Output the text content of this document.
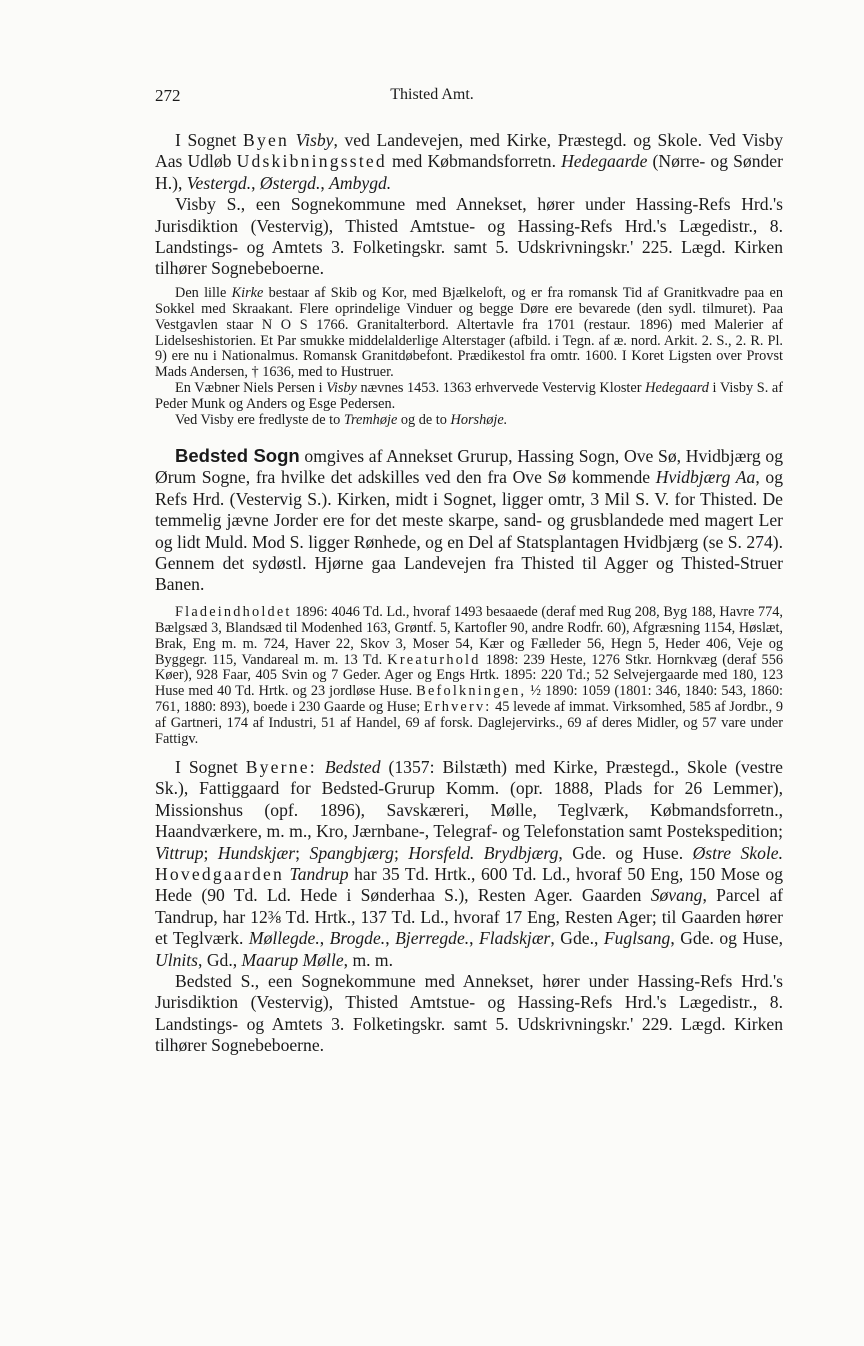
272	Thisted Amt.

I Sognet Byen Visby, ved Landevejen, med Kirke, Præstegd. og Skole. Ved Visby Aas Udløb Udskibningssted med Købmandsforretn. Hedegaarde (Nørre- og Sønder H.), Vestergd., Østergd., Ambygd.

Visby S., een Sognekommune med Annekset, hører under Hassing-Refs Hrd.'s Jurisdiktion (Vestervig), Thisted Amtstue- og Hassing-Refs Hrd.'s Lægedistr., 8. Landstings- og Amtets 3. Folketingskr. samt 5. Udskrivningskr.' 225. Lægd. Kirken tilhører Sognebeboerne.

Den lille Kirke bestaar af Skib og Kor, med Bjælkeloft, og er fra romansk Tid af Granitkvadre paa en Sokkel med Skraakant. Flere oprindelige Vinduer og begge Døre ere bevarede (den sydl. tilmuret). Paa Vestgavlen staar N O S 1766. Granitalterbord. Altertavle fra 1701 (restaur. 1896) med Malerier af Lidelseshistorien. Et Par smukke middelalderlige Alterstager (afbild. i Tegn. af æ. nord. Arkit. 2. S., 2. R. Pl. 9) ere nu i Nationalmus. Romansk Granitdøbefont. Prædikestol fra omtr. 1600. I Koret Ligsten over Provst Mads Andersen, † 1636, med to Hustruer.

En Væbner Niels Persen i Visby nævnes 1453. 1363 erhvervede Vestervig Kloster Hedegaard i Visby S. af Peder Munk og Anders og Esge Pedersen.

Ved Visby ere fredlyste de to Tremhøje og de to Horshøje.

Bedsted Sogn omgives af Annekset Grurup, Hassing Sogn, Ove Sø, Hvidbjærg og Ørum Sogne, fra hvilke det adskilles ved den fra Ove Sø kommende Hvidbjærg Aa, og Refs Hrd. (Vestervig S.). Kirken, midt i Sognet, ligger omtr, 3 Mil S. V. for Thisted. De temmelig jævne Jorder ere for det meste skarpe, sand- og grusblandede med magert Ler og lidt Muld. Mod S. ligger Rønhede, og en Del af Statsplantagen Hvidbjærg (se S. 274). Gennem det sydøstl. Hjørne gaa Landevejen fra Thisted til Agger og Thisted-Struer Banen.

Fladeindholdet 1896: 4046 Td. Ld., hvoraf 1493 besaaede (deraf med Rug 208, Byg 188, Havre 774, Bælgsæd 3, Blandsæd til Modenhed 163, Grøntf. 5, Kartofler 90, andre Rodfr. 60), Afgræsning 1154, Høslæt, Brak, Eng m. m. 724, Haver 22, Skov 3, Moser 54, Kær og Fælleder 56, Hegn 5, Heder 406, Veje og Byggegr. 115, Vandareal m. m. 13 Td. Kreaturhold 1898: 239 Heste, 1276 Stkr. Hornkvæg (deraf 556 Køer), 928 Faar, 405 Svin og 7 Geder. Ager og Engs Hrtk. 1895: 220 Td.; 52 Selvejergaarde med 180, 123 Huse med 40 Td. Hrtk. og 23 jordløse Huse. Befolkningen, ½ 1890: 1059 (1801: 346, 1840: 543, 1860: 761, 1880: 893), boede i 230 Gaarde og Huse; Erhverv: 45 levede af immat. Virksomhed, 585 af Jordbr., 9 af Gartneri, 174 af Industri, 51 af Handel, 69 af forsk. Daglejervirks., 69 af deres Midler, og 57 vare under Fattigv.

I Sognet Byerne: Bedsted (1357: Bilstæth) med Kirke, Præstegd., Skole (vestre Sk.), Fattiggaard for Bedsted-Grurup Komm. (opr. 1888, Plads for 26 Lemmer), Missionshus (opf. 1896), Savskæreri, Mølle, Teglværk, Købmandsforretn., Haandværkere, m. m., Kro, Jærnbane-, Telegraf- og Telefonstation samt Postekspedition; Vittrup; Hundskjær; Spangbjærg; Horsfeld. Brydbjærg, Gde. og Huse. Østre Skole. Hovedgaarden Tandrup har 35 Td. Hrtk., 600 Td. Ld., hvoraf 50 Eng, 150 Mose og Hede (90 Td. Ld. Hede i Sønderhaa S.), Resten Ager. Gaarden Søvang, Parcel af Tandrup, har 12⅜ Td. Hrtk., 137 Td. Ld., hvoraf 17 Eng, Resten Ager; til Gaarden hører et Teglværk. Møllegde., Brogde., Bjerregde., Fladskjær, Gde., Fuglsang, Gde. og Huse, Ulnits, Gd., Maarup Mølle, m. m.

Bedsted S., een Sognekommune med Annekset, hører under Hassing-Refs Hrd.'s Jurisdiktion (Vestervig), Thisted Amtstue- og Hassing-Refs Hrd.'s Lægedistr., 8. Landstings- og Amtets 3. Folketingskr. samt 5. Udskrivningskr.' 229. Lægd. Kirken tilhører Sognebeboerne.
